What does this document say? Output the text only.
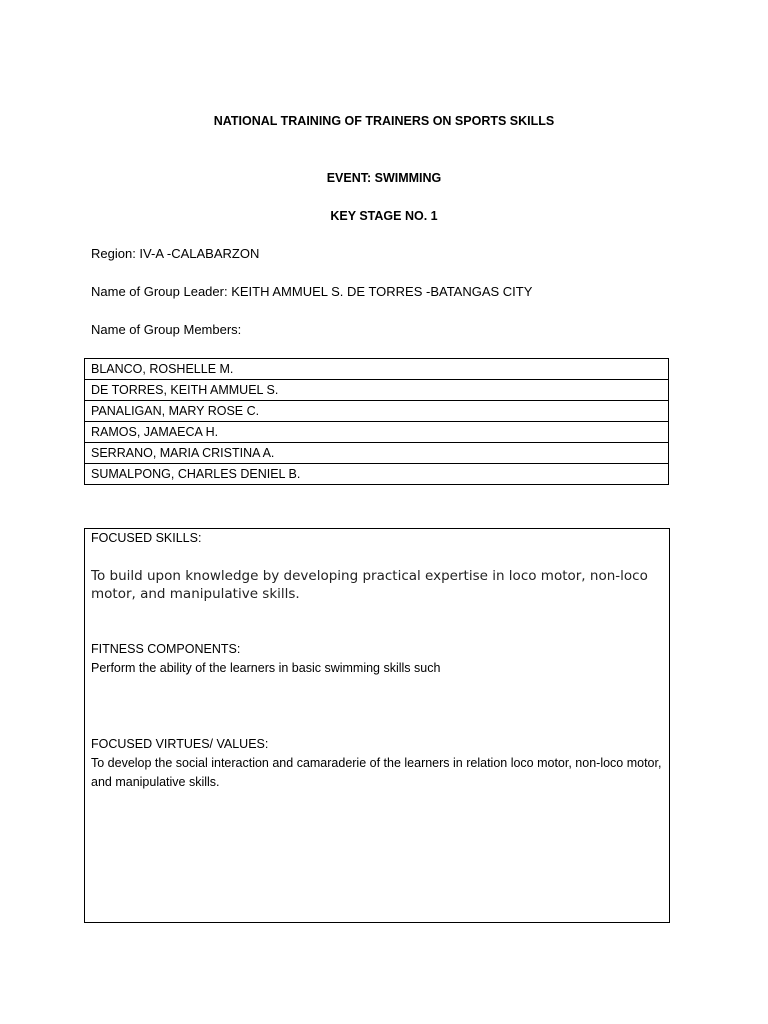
NATIONAL TRAINING OF TRAINERS ON SPORTS SKILLS
EVENT: SWIMMING
KEY STAGE NO. 1
Region: IV-A -CALABARZON
Name of Group Leader: KEITH AMMUEL S. DE TORRES -BATANGAS CITY
Name of Group Members:
BLANCO, ROSHELLE M.
DE TORRES, KEITH AMMUEL S.
PANALIGAN, MARY ROSE C.
RAMOS, JAMAECA H.
SERRANO, MARIA CRISTINA A.
SUMALPONG, CHARLES DENIEL B.
FOCUSED SKILLS:
To build upon knowledge by developing practical expertise in loco motor, non-loco motor, and manipulative skills.
FITNESS COMPONENTS:
Perform the ability of the learners in basic swimming skills such
FOCUSED VIRTUES/ VALUES:
To develop the social interaction and camaraderie of the learners in relation loco motor, non-loco motor, and manipulative skills.
